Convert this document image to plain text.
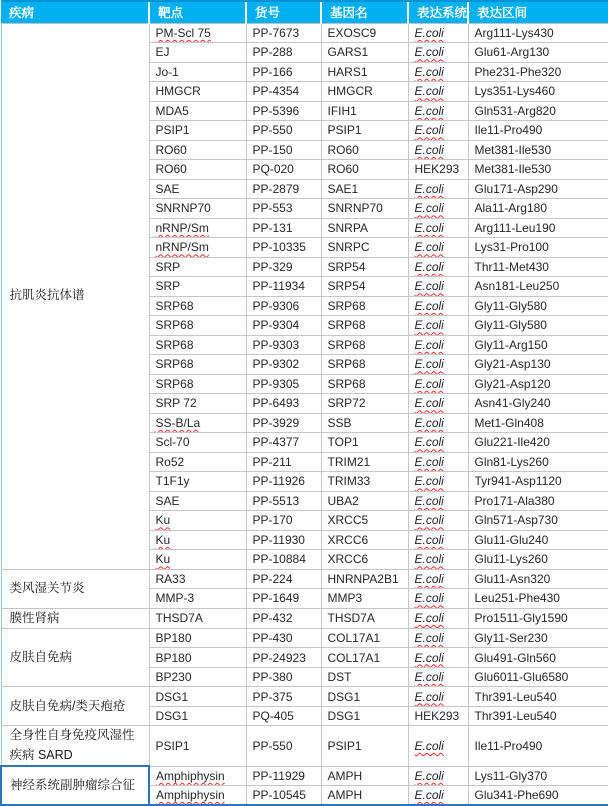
疾病	靶点	货号	基因名	表达系统	表达区间
抗肌炎抗体谱	PM-Scl 75	PP-7673	EXOSC9	E.coli	Arg111-Lys430
	EJ	PP-288	GARS1	E.coli	Glu61-Arg130
	Jo-1	PP-166	HARS1	E.coli	Phe231-Phe320
	HMGCR	PP-4354	HMGCR	E.coli	Lys351-Lys460
	MDA5	PP-5396	IFIH1	E.coli	Gln531-Arg820
	PSIP1	PP-550	PSIP1	E.coli	Ile11-Pro490
	RO60	PP-150	RO60	E.coli	Met381-Ile530
	RO60	PQ-020	RO60	HEK293	Met381-Ile530
	SAE	PP-2879	SAE1	E.coli	Glu171-Asp290
	SNRNP70	PP-553	SNRNP70	E.coli	Ala11-Arg180
	nRNP/Sm	PP-131	SNRPA	E.coli	Arg111-Leu190
	nRNP/Sm	PP-10335	SNRPC	E.coli	Lys31-Pro100
	SRP	PP-329	SRP54	E.coli	Thr11-Met430
	SRP	PP-11934	SRP54	E.coli	Asn181-Leu250
	SRP68	PP-9306	SRP68	E.coli	Gly11-Gly580
	SRP68	PP-9304	SRP68	E.coli	Gly11-Gly580
	SRP68	PP-9303	SRP68	E.coli	Gly11-Arg150
	SRP68	PP-9302	SRP68	E.coli	Gly21-Asp130
	SRP68	PP-9305	SRP68	E.coli	Gly21-Asp120
	SRP 72	PP-6493	SRP72	E.coli	Asn41-Gly240
	SS-B/La	PP-3929	SSB	E.coli	Met1-Gln408
	Scl-70	PP-4377	TOP1	E.coli	Glu221-Ile420
	Ro52	PP-211	TRIM21	E.coli	Gln81-Lys260
	T1F1y	PP-11926	TRIM33	E.coli	Tyr941-Asp1120
	SAE	PP-5513	UBA2	E.coli	Pro171-Ala380
	Ku	PP-170	XRCC5	E.coli	Gln571-Asp730
	Ku	PP-11930	XRCC6	E.coli	Glu11-Glu240
	Ku	PP-10884	XRCC6	E.coli	Glu11-Lys260
类风湿关节炎	RA33	PP-224	HNRNPA2B1	E.coli	Glu11-Asn320
	MMP-3	PP-1649	MMP3	E.coli	Leu251-Phe430
膜性肾病	THSD7A	PP-432	THSD7A	E.coli	Pro1511-Gly1590
皮肤自免病	BP180	PP-430	COL17A1	E.coli	Gly11-Ser230
	BP180	PP-24923	COL17A1	E.coli	Glu491-Gln560
	BP230	PP-380	DST	E.coli	Glu6011-Glu6580
皮肤自免病/类天疱疮	DSG1	PP-375	DSG1	E.coli	Thr391-Leu540
	DSG1	PQ-405	DSG1	HEK293	Thr391-Leu540
全身性自身免疫风湿性疾病 SARD	PSIP1	PP-550	PSIP1	E.coli	Ile11-Pro490
神经系统副肿瘤综合征	Amphiphysin	PP-11929	AMPH	E.coli	Lys11-Gly370
	Amphiphysin	PP-10545	AMPH	E.coli	Glu341-Phe690
